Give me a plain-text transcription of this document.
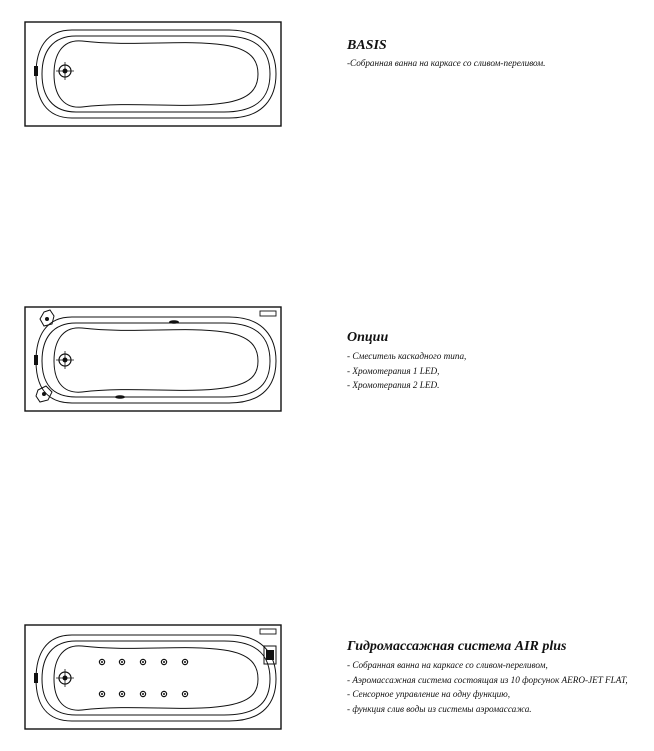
BASIS

-Собранная ванна на каркасе со сливом-переливом.

Опции

- Смеситель каскадного типа,
- Хромотерапия 1 LED,
- Хромотерапия 2 LED.

Гидромассажная система AIR plus

- Собранная ванна на каркасе со сливом-переливом,
- Аэромассажная система состоящая из 10 форсунок AERO-JET FLAT,
- Сенсорное управление на одну функцию,
- функция слив воды из системы аэромассажа.
